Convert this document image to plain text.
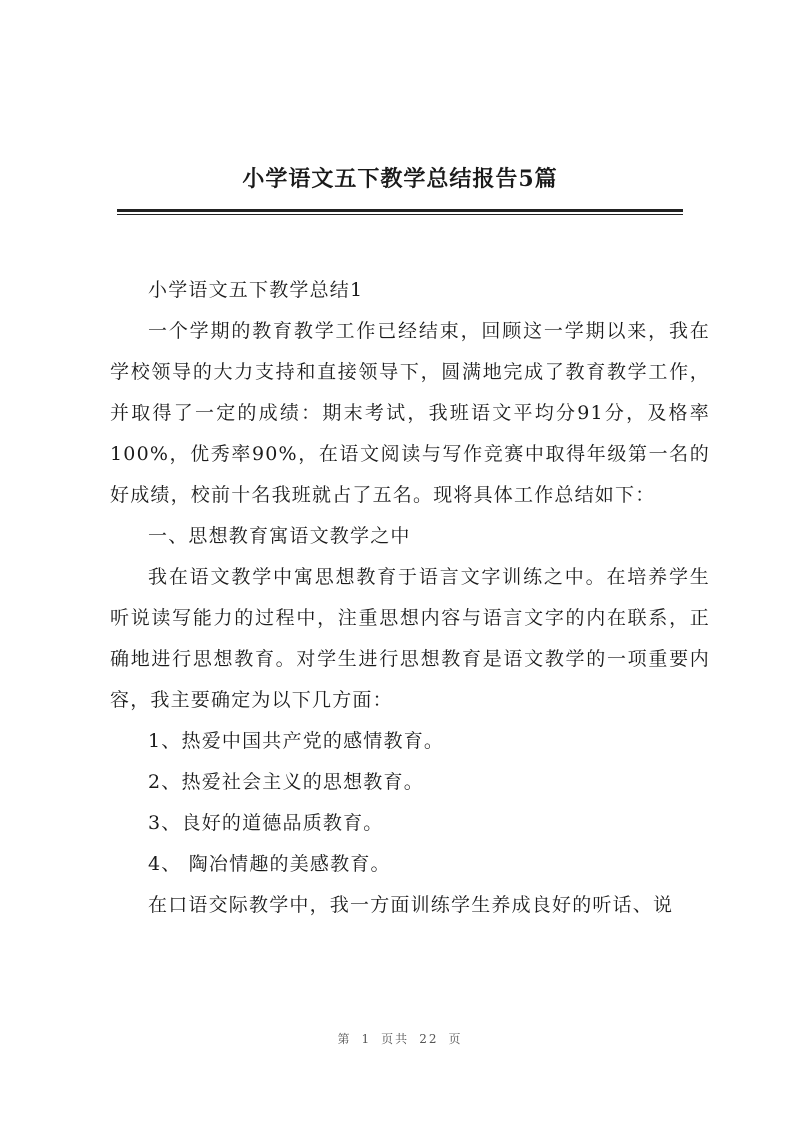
小学语文五下教学总结报告5篇

小学语文五下教学总结1

一个学期的教育教学工作已经结束，回顾这一学期以来，我在学校领导的大力支持和直接领导下，圆满地完成了教育教学工作，并取得了一定的成绩：期末考试，我班语文平均分91分，及格率100%，优秀率90%，在语文阅读与写作竞赛中取得年级第一名的好成绩，校前十名我班就占了五名。现将具体工作总结如下：

一、思想教育寓语文教学之中

我在语文教学中寓思想教育于语言文字训练之中。在培养学生听说读写能力的过程中，注重思想内容与语言文字的内在联系，正确地进行思想教育。对学生进行思想教育是语文教学的一项重要内容，我主要确定为以下几方面：

1、热爱中国共产党的感情教育。

2、热爱社会主义的思想教育。

3、良好的道德品质教育。

4、 陶冶情趣的美感教育。

在口语交际教学中，我一方面训练学生养成良好的听话、说

第 1 页共 22 页
